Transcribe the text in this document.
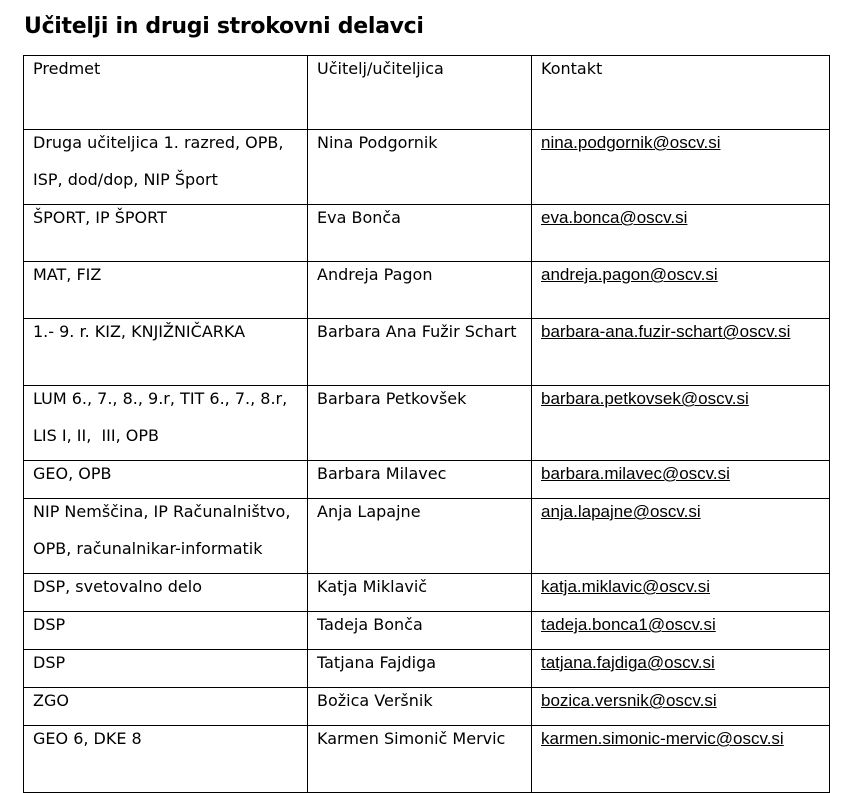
Učitelji in drugi strokovni delavci
Predmet	Učitelj/učiteljica	Kontakt

Druga učiteljica 1. razred, OPB,
ISP, dod/dop, NIP Šport	Nina Podgornik	nina.podgornik@oscv.si

ŠPORT, IP ŠPORT	Eva Bonča	eva.bonca@oscv.si

MAT, FIZ	Andreja Pagon	andreja.pagon@oscv.si

1.- 9. r. KIZ, KNJIŽNIČARKA	Barbara Ana Fužir Schart	barbara-ana.fuzir-schart@oscv.si

LUM 6., 7., 8., 9.r, TIT 6., 7., 8.r,
LIS I, II,  III, OPB	Barbara Petkovšek	barbara.petkovsek@oscv.si

GEO, OPB	Barbara Milavec	barbara.milavec@oscv.si

NIP Nemščina, IP Računalništvo,
OPB, računalnikar-informatik	Anja Lapajne	anja.lapajne@oscv.si

DSP, svetovalno delo	Katja Miklavič	katja.miklavic@oscv.si

DSP	Tadeja Bonča	tadeja.bonca1@oscv.si

DSP	Tatjana Fajdiga	tatjana.fajdiga@oscv.si

ZGO	Božica Veršnik	bozica.versnik@oscv.si

GEO 6, DKE 8	Karmen Simonič Mervic	karmen.simonic-mervic@oscv.si
